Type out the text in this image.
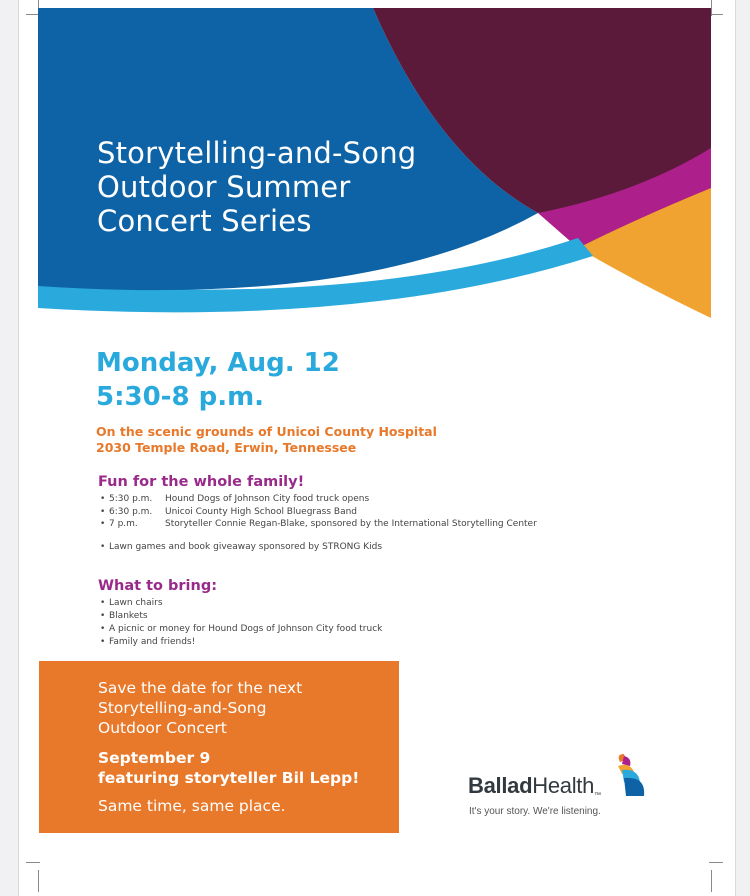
Storytelling-and-Song
Outdoor Summer
Concert Series
Monday, Aug. 12
5:30-8 p.m.
On the scenic grounds of Unicoi County Hospital
2030 Temple Road, Erwin, Tennessee
Fun for the whole family!
• 5:30 p.m.	Hound Dogs of Johnson City food truck opens
• 6:30 p.m.	Unicoi County High School Bluegrass Band
• 7 p.m.	Storyteller Connie Regan-Blake, sponsored by the International Storytelling Center
• Lawn games and book giveaway sponsored by STRONG Kids
What to bring:
• Lawn chairs
• Blankets
• A picnic or money for Hound Dogs of Johnson City food truck
• Family and friends!
Save the date for the next
Storytelling-and-Song
Outdoor Concert
September 9
featuring storyteller Bil Lepp!
Same time, same place.
BalladHealth™
It's your story. We're listening.
